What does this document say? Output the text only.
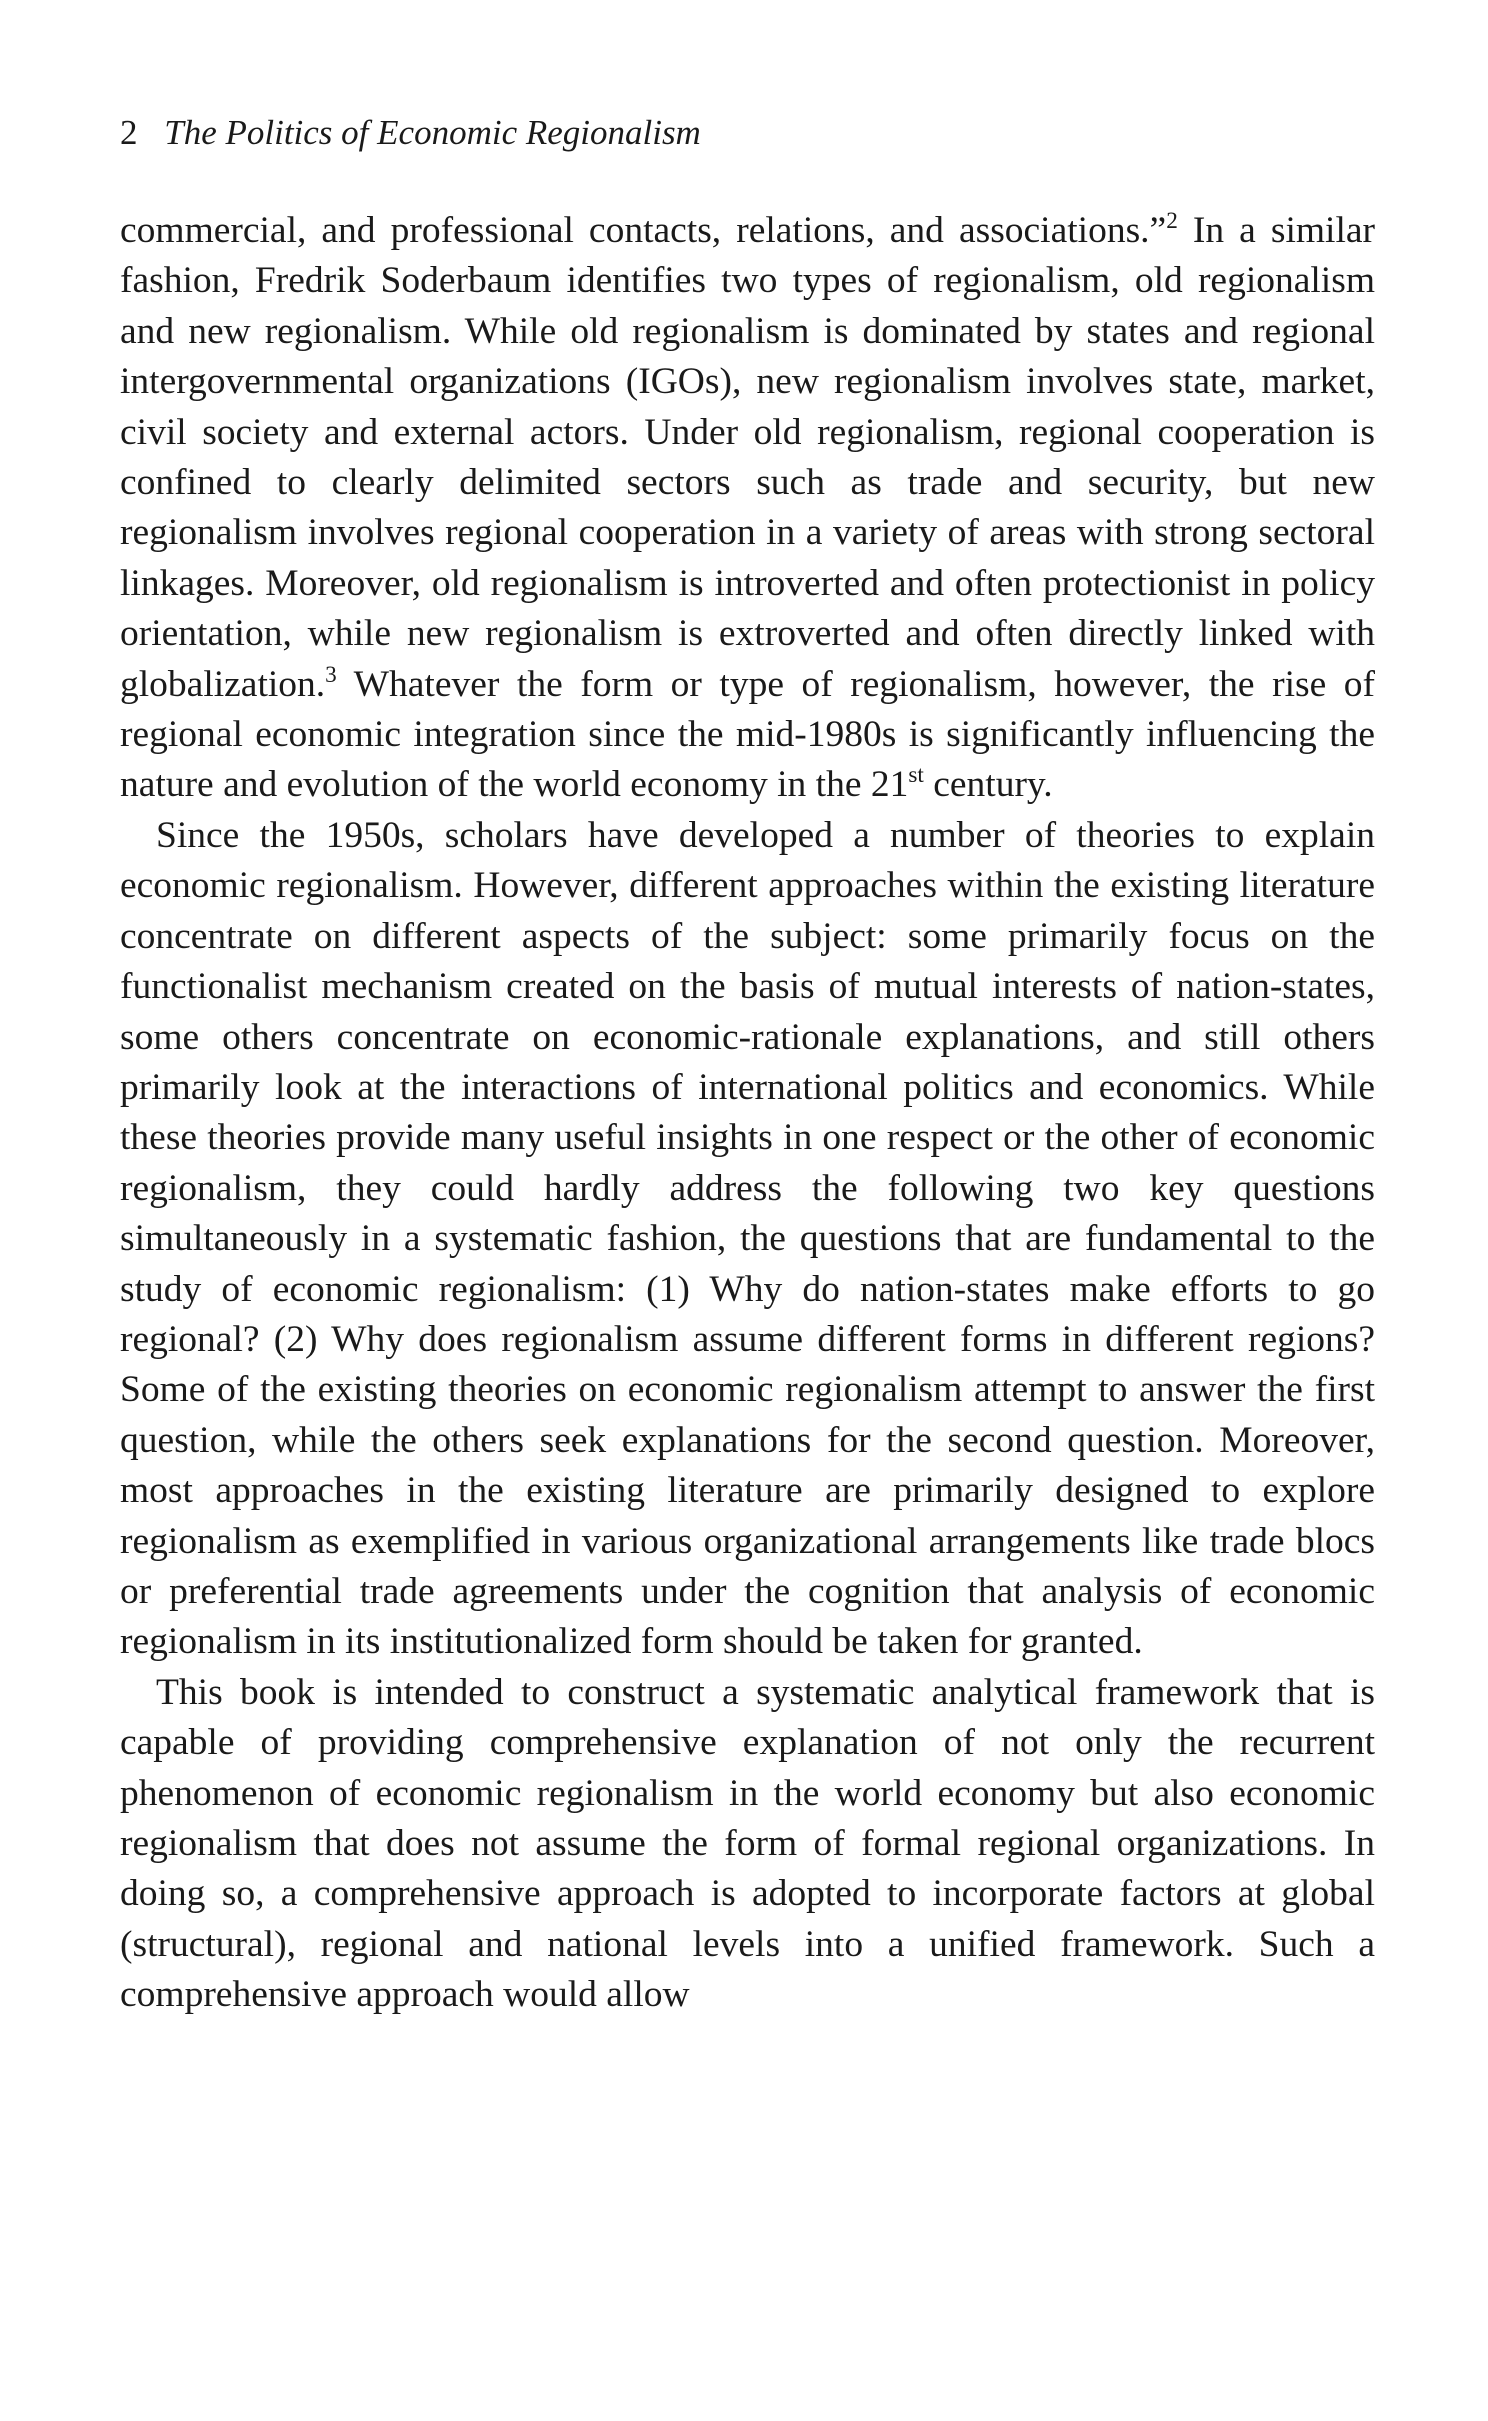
2 The Politics of Economic Regionalism

commercial, and professional contacts, relations, and associations.”$^2$ In a similar fashion, Fredrik Soderbaum identifies two types of regionalism, old regionalism and new regionalism. While old regionalism is dominated by states and regional intergovernmental organizations (IGOs), new regionalism involves state, market, civil society and external actors. Under old regionalism, regional cooperation is confined to clearly delimited sectors such as trade and security, but new regionalism involves regional cooperation in a variety of areas with strong sectoral linkages. Moreover, old regionalism is introverted and often protectionist in policy orientation, while new regionalism is extroverted and often directly linked with globalization.$^3$ Whatever the form or type of regionalism, however, the rise of regional economic integration since the mid-1980s is significantly influencing the nature and evolution of the world economy in the 21st century.

Since the 1950s, scholars have developed a number of theories to explain economic regionalism. However, different approaches within the existing literature concentrate on different aspects of the subject: some primarily focus on the functionalist mechanism created on the basis of mutual interests of nation-states, some others concentrate on economic-rationale explanations, and still others primarily look at the interactions of international politics and economics. While these theories provide many useful insights in one respect or the other of economic regionalism, they could hardly address the following two key questions simultaneously in a systematic fashion, the questions that are fundamental to the study of economic regionalism: (1) Why do nation-states make efforts to go regional? (2) Why does regionalism assume different forms in different regions? Some of the existing theories on economic regionalism attempt to answer the first question, while the others seek explanations for the second question. Moreover, most approaches in the existing literature are primarily designed to explore regionalism as exemplified in various organizational arrangements like trade blocs or preferential trade agreements under the cognition that analysis of economic regionalism in its institutionalized form should be taken for granted.

This book is intended to construct a systematic analytical framework that is capable of providing comprehensive explanation of not only the recurrent phenomenon of economic regionalism in the world economy but also economic regionalism that does not assume the form of formal regional organizations. In doing so, a comprehensive approach is adopted to incorporate factors at global (structural), regional and national levels into a unified framework. Such a comprehensive approach would allow
